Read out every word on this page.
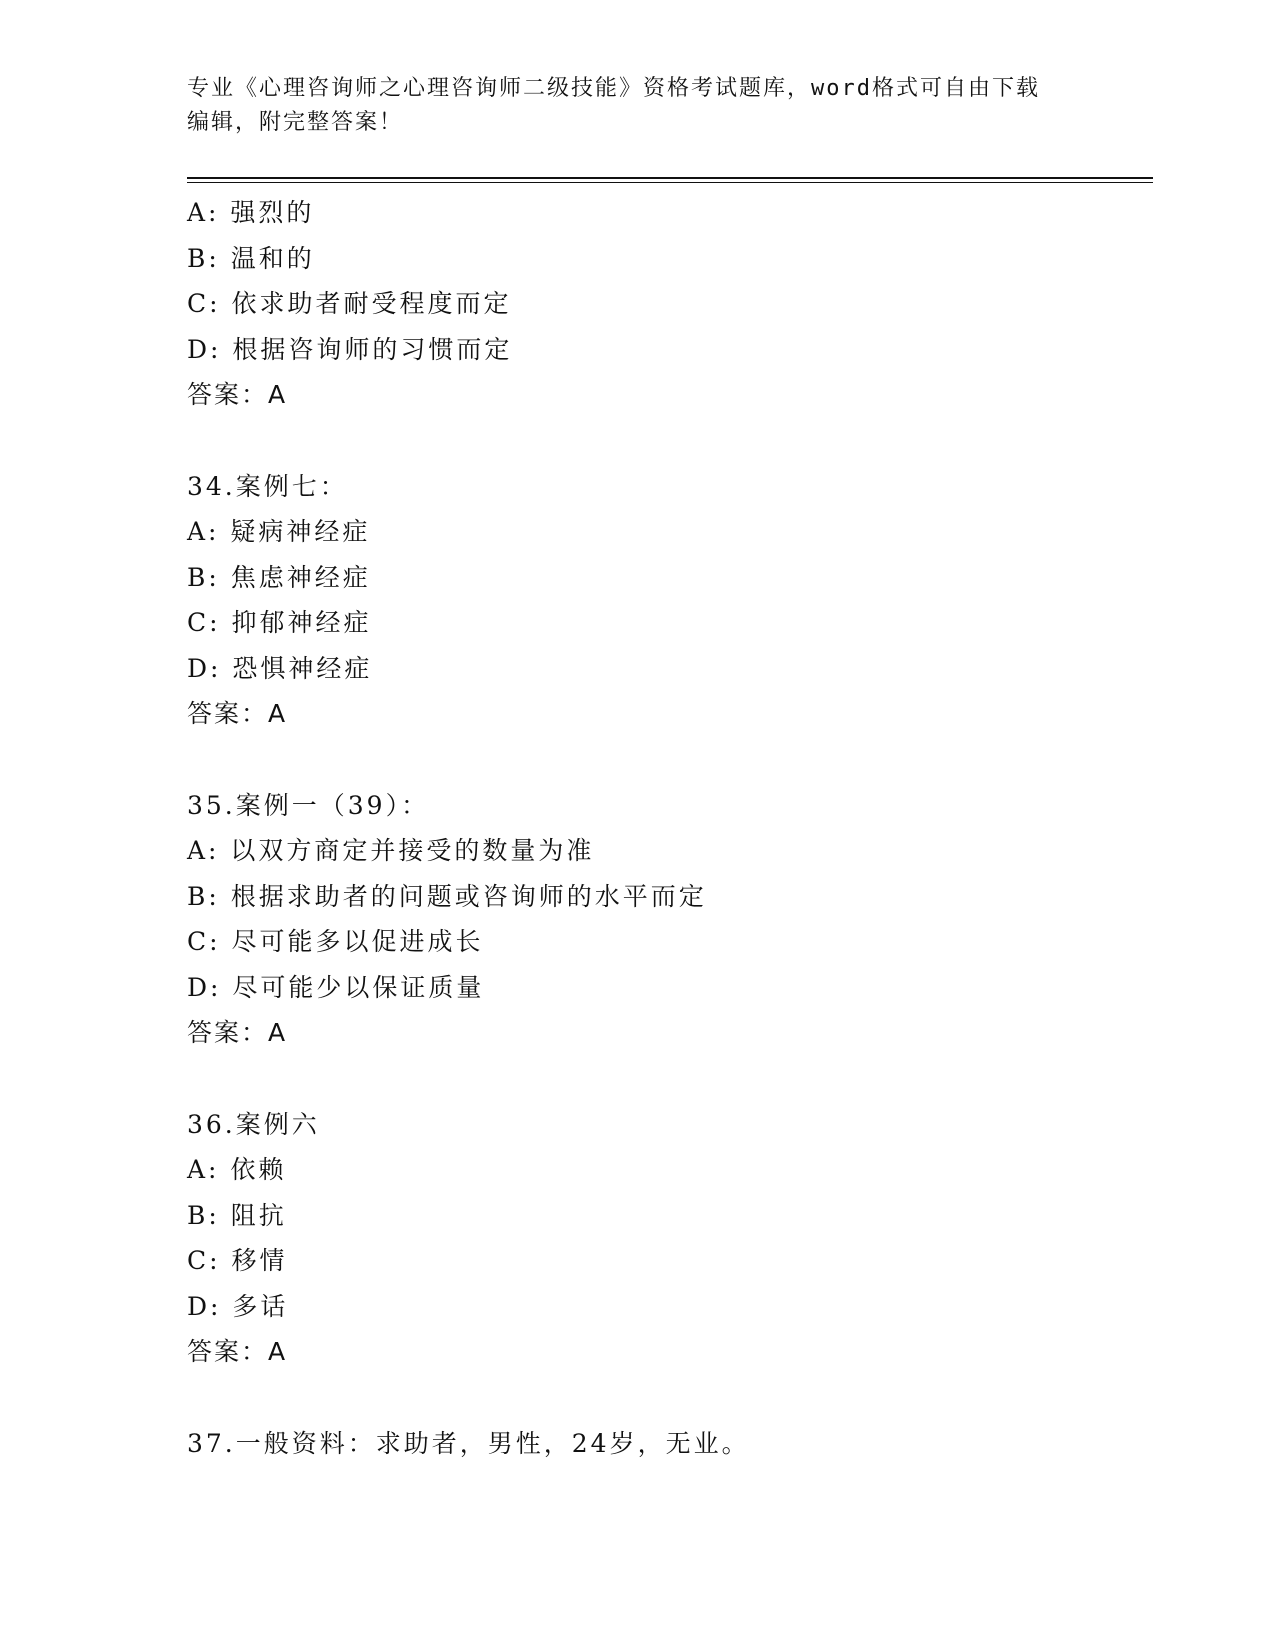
专业《心理咨询师之心理咨询师二级技能》资格考试题库，word格式可自由下载
编辑，附完整答案！
A: 强烈的
B: 温和的
C: 依求助者耐受程度而定
D: 根据咨询师的习惯而定
答案：A
34.案例七：
A: 疑病神经症
B: 焦虑神经症
C: 抑郁神经症
D: 恐惧神经症
答案：A
35.案例一（39）：
A: 以双方商定并接受的数量为准
B: 根据求助者的问题或咨询师的水平而定
C: 尽可能多以促进成长
D: 尽可能少以保证质量
答案：A
36.案例六
A: 依赖
B: 阻抗
C: 移情
D: 多话
答案：A
37.一般资料：求助者，男性，24岁，无业。
